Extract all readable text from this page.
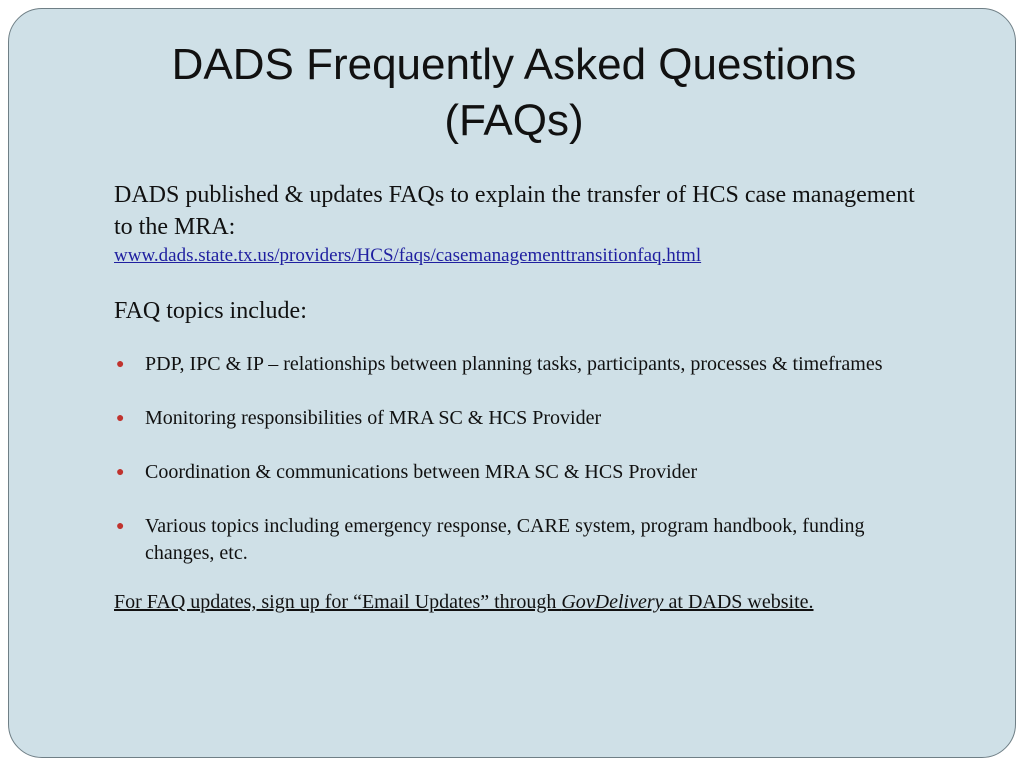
DADS Frequently Asked Questions
(FAQs)

DADS published & updates FAQs to explain the transfer of HCS case management to the MRA:

www.dads.state.tx.us/providers/HCS/faqs/casemanagementtransitionfaq.html

FAQ topics include:

● PDP, IPC & IP – relationships between planning tasks, participants, processes & timeframes
● Monitoring responsibilities of MRA SC & HCS Provider
● Coordination & communications between MRA SC & HCS Provider
● Various topics including emergency response, CARE system, program handbook, funding changes, etc.
For FAQ updates, sign up for “Email Updates” through GovDelivery at DADS website.
